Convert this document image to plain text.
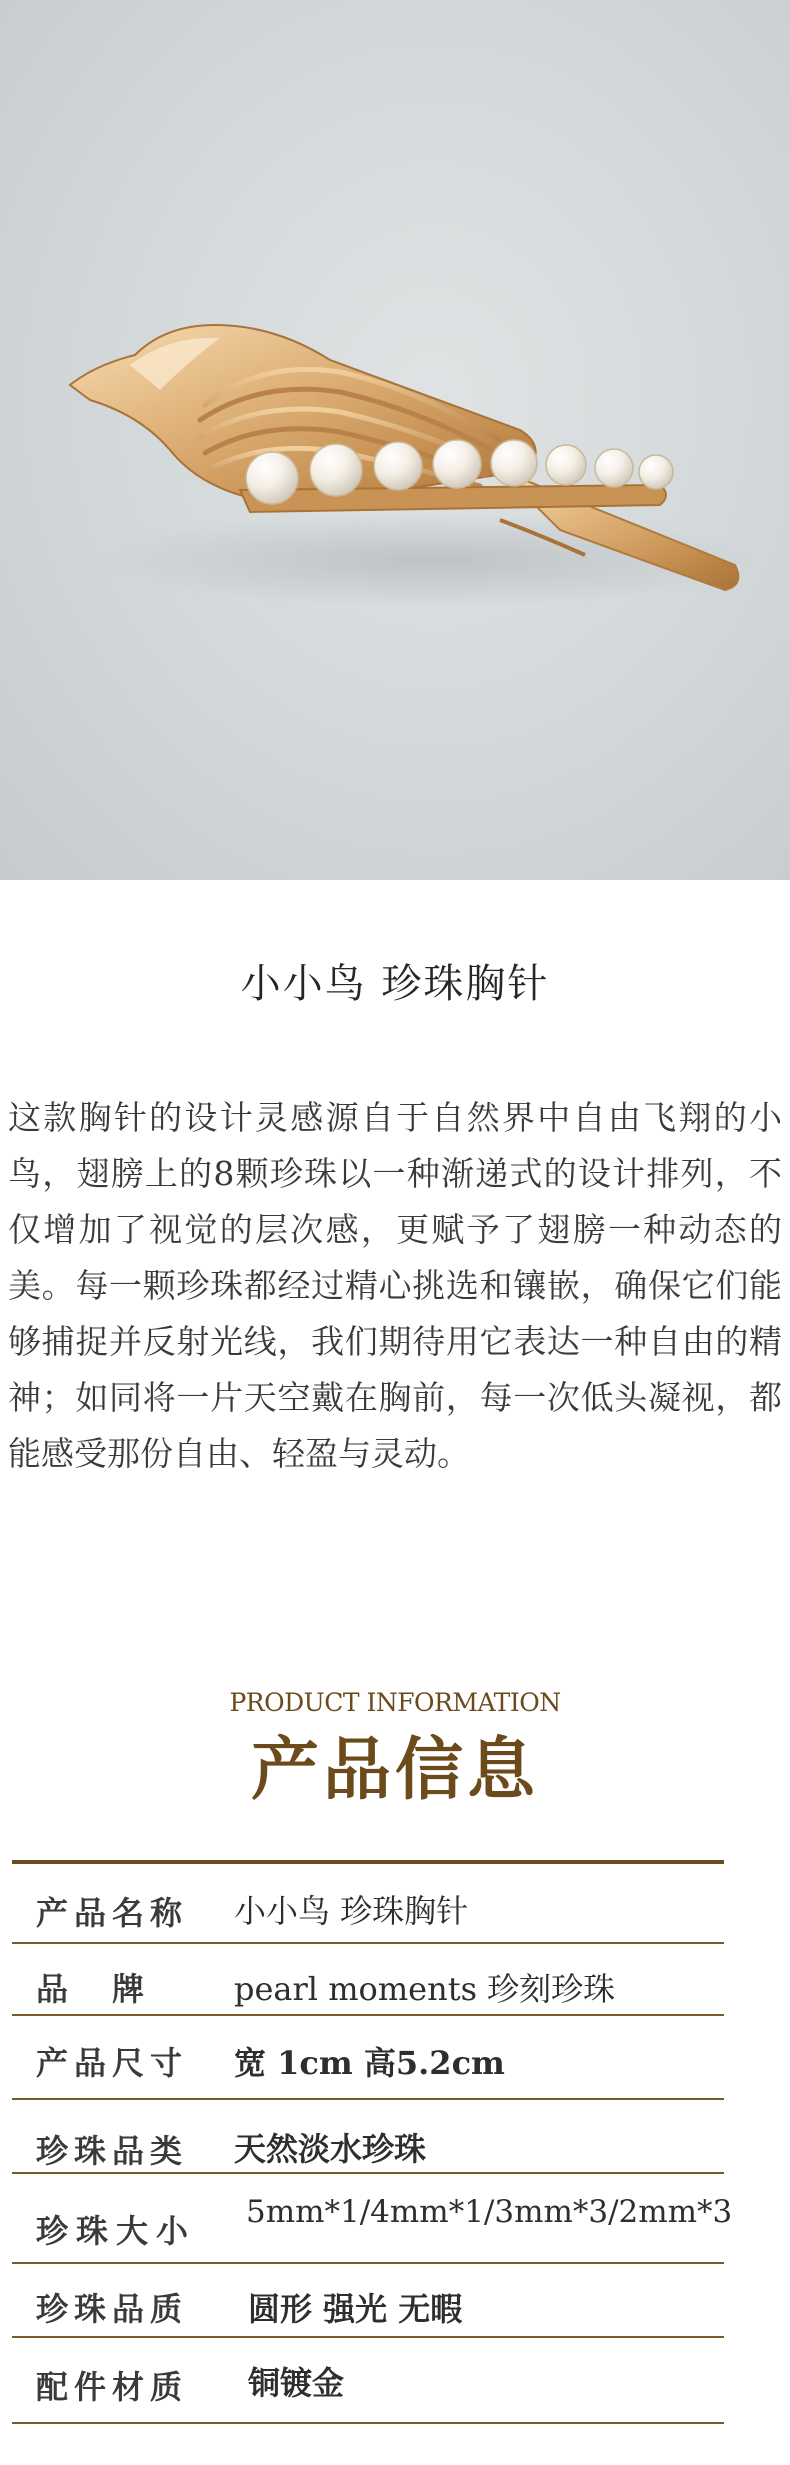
小小鸟 珍珠胸针
这款胸针的设计灵感源自于自然界中自由飞翔的小鸟，翅膀上的8颗珍珠以一种渐递式的设计排列，不仅增加了视觉的层次感，更赋予了翅膀一种动态的美。每一颗珍珠都经过精心挑选和镶嵌，确保它们能够捕捉并反射光线，我们期待用它表达一种自由的精神；如同将一片天空戴在胸前，每一次低头凝视，都能感受那份自由、轻盈与灵动。
PRODUCT INFORMATION
产品信息
产品名称 小小鸟 珍珠胸针
品牌 pearl moments 珍刻珍珠
产品尺寸 宽 1cm 高5.2cm
珍珠品类 天然淡水珍珠
珍珠大小 5mm*1/4mm*1/3mm*3/2mm*3
珍珠品质 圆形 强光 无暇
配件材质 铜镀金
